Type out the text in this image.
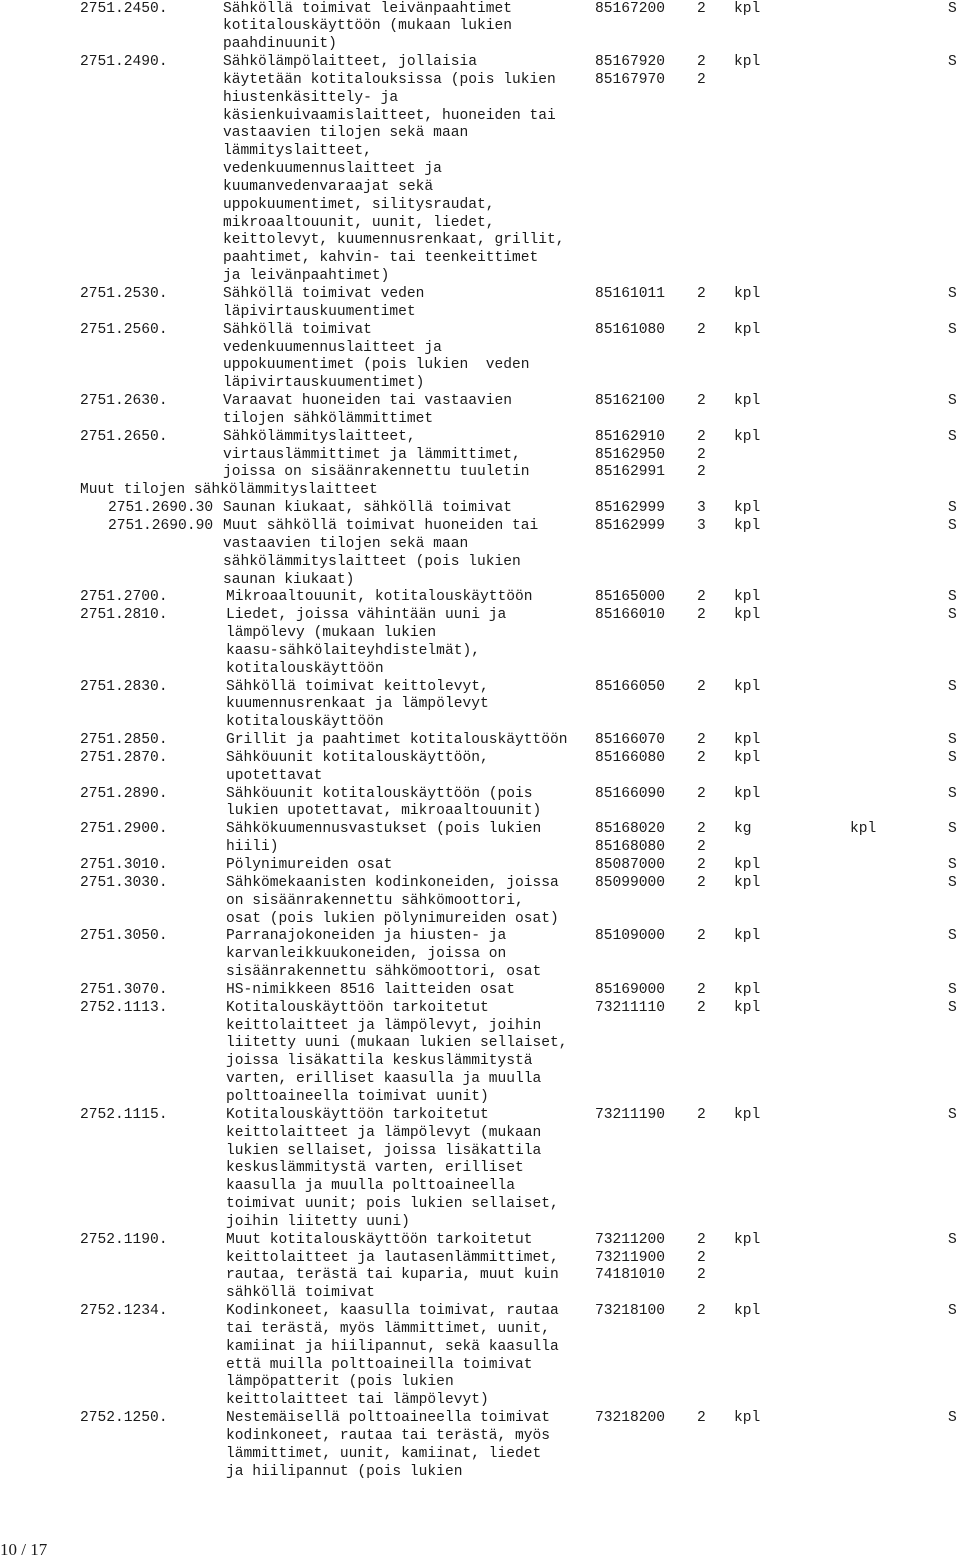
2751.2450.	Sähköllä toimivat leivänpaahtimet	85167200 2 kpl	S
kotitalouskäyttöön (mukaan lukien
paahdinuunit)
2751.2490.	Sähkölämpölaitteet, jollaisia	85167920 2 kpl	S
käytetään kotitalouksissa (pois lukien	85167970 2
hiustenkäsittely- ja
käsienkuivaamislaitteet, huoneiden tai
vastaavien tilojen sekä maan
lämmityslaitteet,
vedenkuumennuslaitteet ja
kuumanvedenvaraajat sekä
uppokuumentimet, silitysraudat,
mikroaaltouunit, uunit, liedet,
keittolevyt, kuumennusrenkaat, grillit,
paahtimet, kahvin- tai teenkeittimet
ja leivänpaahtimet)
2751.2530.	Sähköllä toimivat veden	85161011 2 kpl	S
läpivirtauskuumentimet
2751.2560.	Sähköllä toimivat	85161080 2 kpl	S
vedenkuumennuslaitteet ja
uppokuumentimet (pois lukien  veden
läpivirtauskuumentimet)
2751.2630.	Varaavat huoneiden tai vastaavien	85162100 2 kpl	S
tilojen sähkölämmittimet
2751.2650.	Sähkölämmityslaitteet,	85162910 2 kpl	S
virtauslämmittimet ja lämmittimet,	85162950 2
joissa on sisäänrakennettu tuuletin	85162991 2
Muut tilojen sähkölämmityslaitteet
2751.2690.30 Saunan kiukaat, sähköllä toimivat	85162999 3 kpl	S
2751.2690.90 Muut sähköllä toimivat huoneiden tai	85162999 3 kpl	S
vastaavien tilojen sekä maan
sähkölämmityslaitteet (pois lukien
saunan kiukaat)
2751.2700.	Mikroaaltouunit, kotitalouskäyttöön	85165000 2 kpl	S
2751.2810.	Liedet, joissa vähintään uuni ja	85166010 2 kpl	S
lämpölevy (mukaan lukien
kaasu-sähkölaiteyhdistelmät),
kotitalouskäyttöön
2751.2830.	Sähköllä toimivat keittolevyt,	85166050 2 kpl	S
kuumennusrenkaat ja lämpölevyt
kotitalouskäyttöön
2751.2850.	Grillit ja paahtimet kotitalouskäyttöön 85166070 2 kpl	S
2751.2870.	Sähköuunit kotitalouskäyttöön,	85166080 2 kpl	S
upotettavat
2751.2890.	Sähköuunit kotitalouskäyttöön (pois	85166090 2 kpl	S
lukien upotettavat, mikroaaltouunit)
2751.2900.	Sähkökuumennusvastukset (pois lukien	85168020 2 kg	kpl	S
hiili)	85168080 2
2751.3010.	Pölynimureiden osat	85087000 2 kpl	S
2751.3030.	Sähkömekaanisten kodinkoneiden, joissa 85099000 2 kpl	S
on sisäänrakennettu sähkömoottori,
osat (pois lukien pölynimureiden osat)
2751.3050.	Parranajokoneiden ja hiusten- ja	85109000 2 kpl	S
karvanleikkuukoneiden, joissa on
sisäänrakennettu sähkömoottori, osat
2751.3070.	HS-nimikkeen 8516 laitteiden osat	85169000 2 kpl	S
2752.1113.	Kotitalouskäyttöön tarkoitetut	73211110 2 kpl	S
keittolaitteet ja lämpölevyt, joihin
liitetty uuni (mukaan lukien sellaiset,
joissa lisäkattila keskuslämmitystä
varten, erilliset kaasulla ja muulla
polttoaineella toimivat uunit)
2752.1115.	Kotitalouskäyttöön tarkoitetut	73211190 2 kpl	S
keittolaitteet ja lämpölevyt (mukaan
lukien sellaiset, joissa lisäkattila
keskuslämmitystä varten, erilliset
kaasulla ja muulla polttoaineella
toimivat uunit; pois lukien sellaiset,
joihin liitetty uuni)
2752.1190.	Muut kotitalouskäyttöön tarkoitetut	73211200 2 kpl	S
keittolaitteet ja lautasenlämmittimet, 73211900 2
rautaa, terästä tai kuparia, muut kuin 74181010 2
sähköllä toimivat
2752.1234.	Kodinkoneet, kaasulla toimivat, rautaa 73218100 2 kpl	S
tai terästä, myös lämmittimet, uunit,
kamiinat ja hiilipannut, sekä kaasulla
että muilla polttoaineilla toimivat
lämpöpatterit (pois lukien
keittolaitteet tai lämpölevyt)
2752.1250.	Nestemäisellä polttoaineella toimivat	73218200 2 kpl	S
kodinkoneet, rautaa tai terästä, myös
lämmittimet, uunit, kamiinat, liedet
ja hiilipannut (pois lukien
10 / 17
